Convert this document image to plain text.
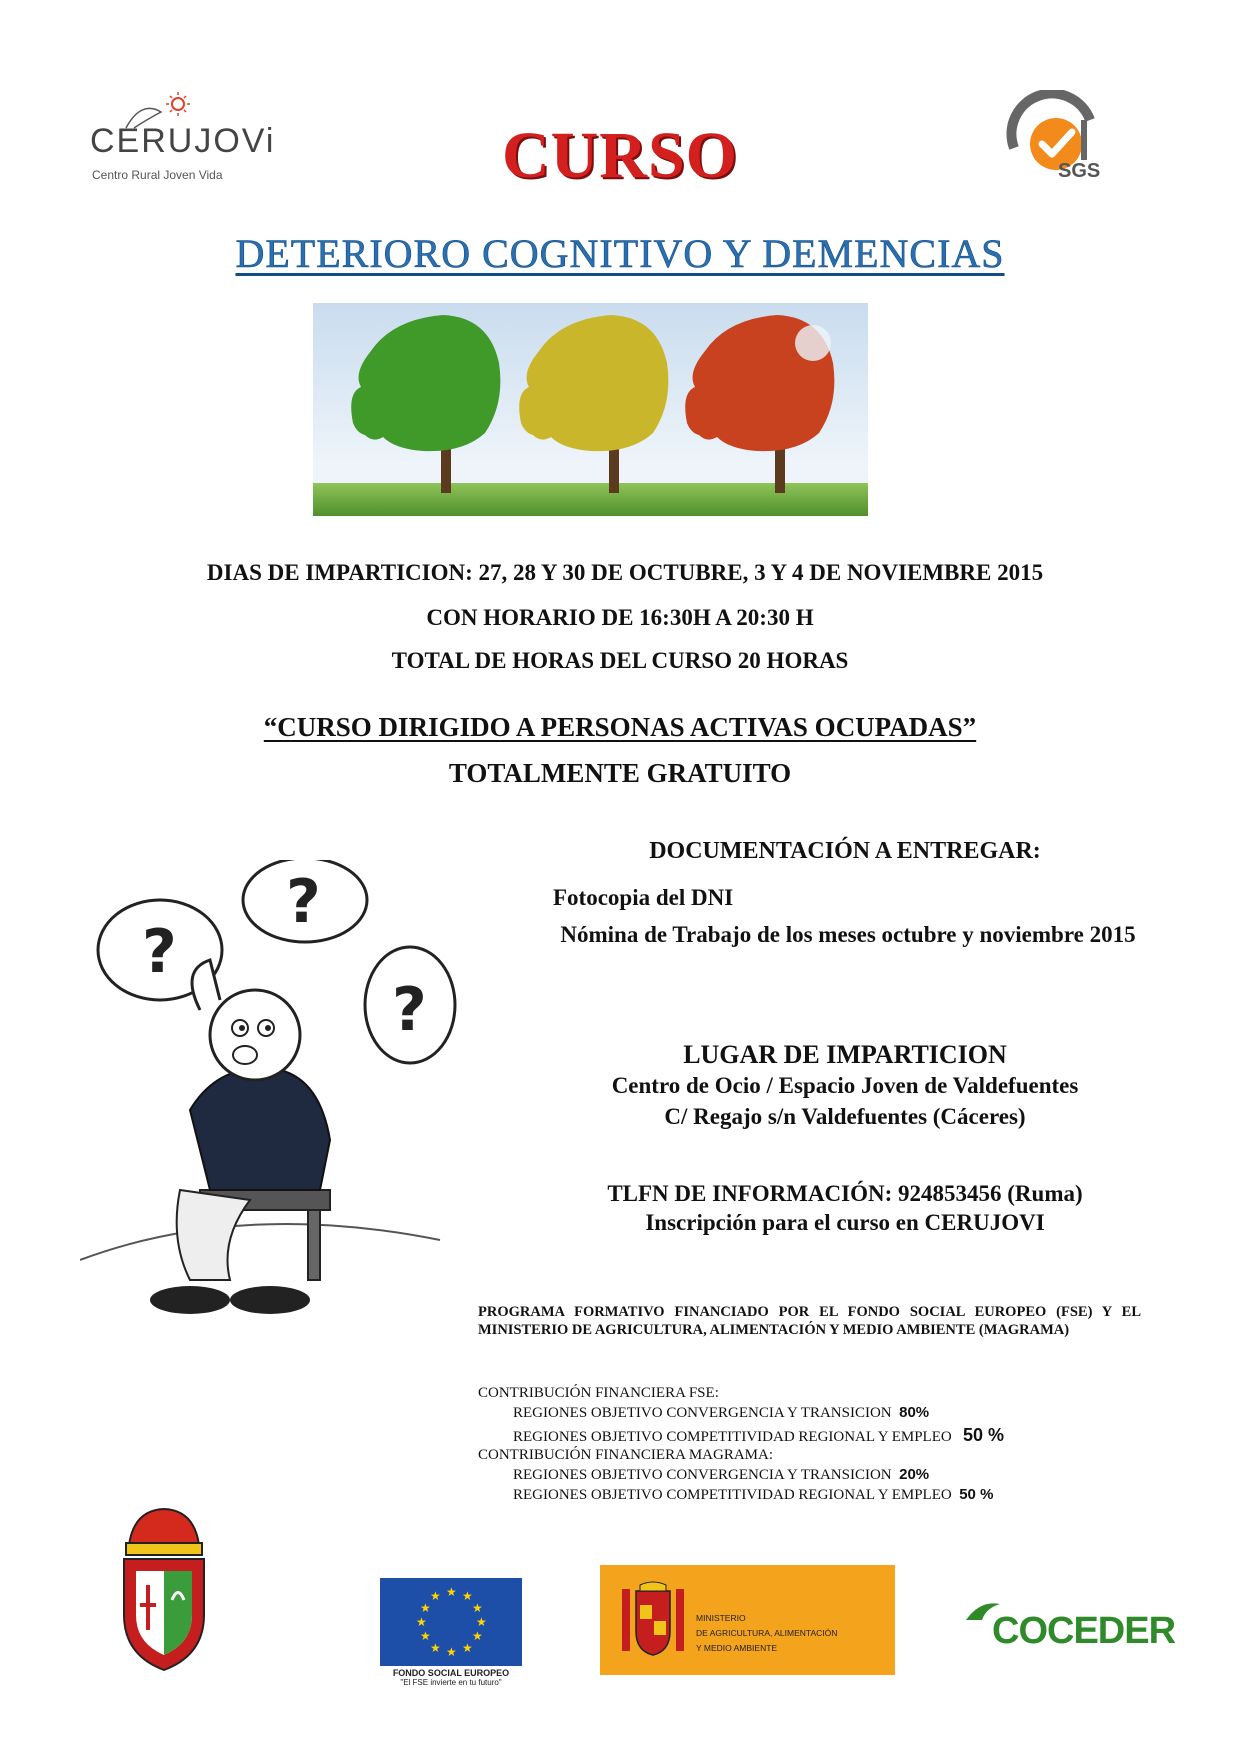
CERUJOVi
Centro Rural Joven Vida	SGS
CURSO
DETERIORO COGNITIVO Y DEMENCIAS
DIAS DE IMPARTICION: 27, 28 Y 30 DE OCTUBRE, 3 Y 4 DE NOVIEMBRE 2015
CON HORARIO DE 16:30H A 20:30 H
TOTAL DE HORAS DEL CURSO 20 HORAS
“CURSO DIRIGIDO A PERSONAS ACTIVAS OCUPADAS”
TOTALMENTE GRATUITO
?
?
?
DOCUMENTACIÓN A ENTREGAR:
Fotocopia del DNI
Nómina de Trabajo de los meses octubre y noviembre 2015
LUGAR DE IMPARTICION
Centro de Ocio / Espacio Joven de Valdefuentes
C/ Regajo s/n Valdefuentes (Cáceres)
TLFN DE INFORMACIÓN: 924853456 (Ruma)
Inscripción para el curso en CERUJOVI
PROGRAMA FORMATIVO FINANCIADO POR EL FONDO SOCIAL EUROPEO (FSE) Y EL MINISTERIO DE AGRICULTURA, ALIMENTACIÓN Y MEDIO AMBIENTE (MAGRAMA)
CONTRIBUCIÓN FINANCIERA FSE:
REGIONES OBJETIVO CONVERGENCIA Y TRANSICION 80%
REGIONES OBJETIVO COMPETITIVIDAD REGIONAL Y EMPLEO 50 %
CONTRIBUCIÓN FINANCIERA MAGRAMA:
REGIONES OBJETIVO CONVERGENCIA Y TRANSICION 20%
REGIONES OBJETIVO COMPETITIVIDAD REGIONAL Y EMPLEO 50 %
★ ★
★
★
★
★
★
★
★
★
★
★
FONDO SOCIAL EUROPEO
"El FSE invierte en tu futuro"
MINISTERIO
DE AGRICULTURA, ALIMENTACIÓN
Y MEDIO AMBIENTE	COCEDER
